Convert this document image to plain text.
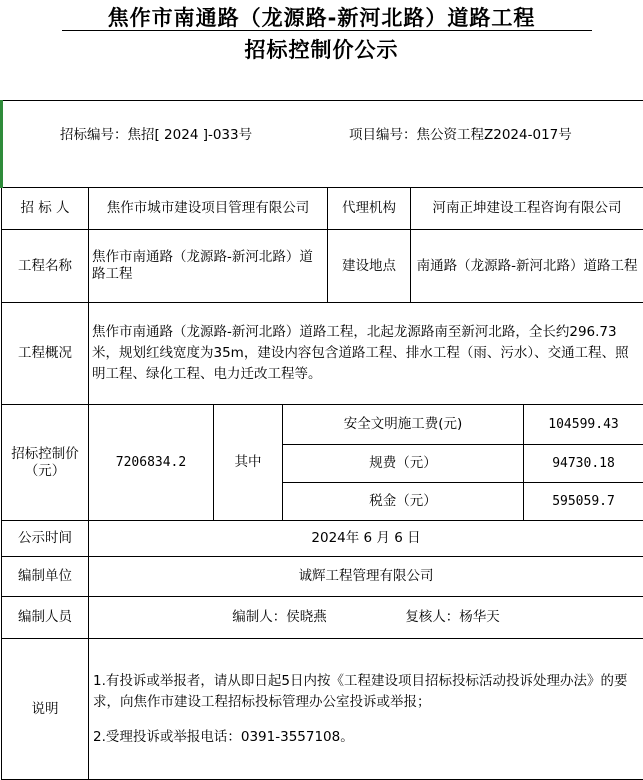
焦作市南通路（龙源路-新河北路）道路工程
招标控制价公示
招标编号：焦招[ 2024 ]-033号 项目编号：焦公资工程Z2024-017号						

招 标 人	焦作市城市建设项目管理有限公司			代理机构	河南正坤建设工程咨询有限公司	
工程名称	焦作市南通路（龙源路-新河北路）道路工程			建设地点	南通路（龙源路-新河北路）道路工程	
工程概况	焦作市南通路（龙源路-新河北路）道路工程，北起龙源路南至新河北路，全长约296.73米，规划红线宽度为35m，建设内容包含道路工程、排水工程（雨、污水）、交通工程、照明工程、绿化工程、电力迁改工程等。					
招标控制价（元）	7206834.2	其中	安全文明施工费(元)			104599.43
			规费（元）			94730.18
			税金（元）			595059.7
公示时间	2024年 6 月 6 日					
编制单位	诚辉工程管理有限公司					
编制人员	编制人：侯晓燕 复核人：杨华天					
说明	1.有投诉或举报者，请从即日起5日内按《工程建设项目招标投标活动投诉处理办法》的要求，向焦作市建设工程招标投标管理办公室投诉或举报；

2.受理投诉或举报电话：0391-3557108。					
